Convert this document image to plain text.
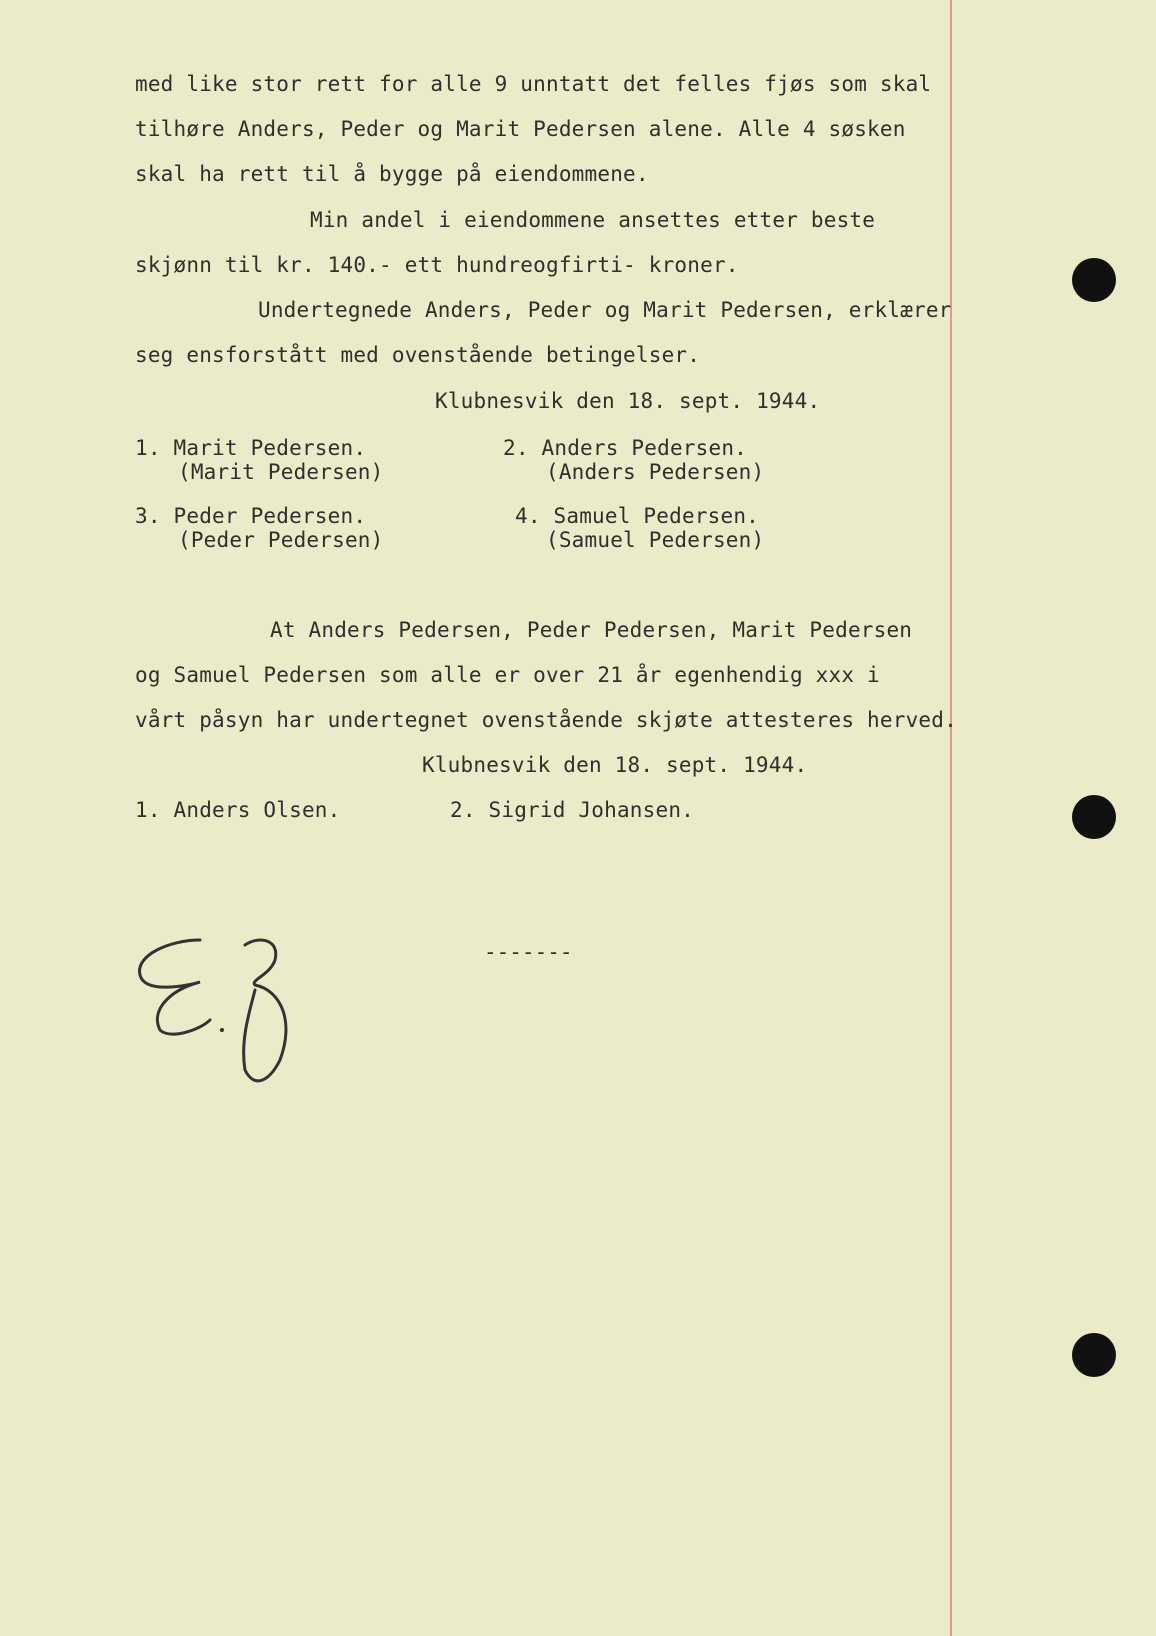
med like stor rett for alle 9 unntatt det felles fjøs som skal
tilhøre Anders, Peder og Marit Pedersen alene. Alle 4 søsken
skal ha rett til å bygge på eiendommene.
Min andel i eiendommene ansettes etter beste
skjønn til kr. 140.- ett hundreogfirti- kroner.
Undertegnede Anders, Peder og Marit Pedersen, erklærer
seg ensforstått med ovenstående betingelser.
Klubnesvik den 18. sept. 1944.
1. Marit Pedersen.
(Marit Pedersen)
2. Anders Pedersen.
(Anders Pedersen)
3. Peder Pedersen.
(Peder Pedersen)
4. Samuel Pedersen.
(Samuel Pedersen)
At Anders Pedersen, Peder Pedersen, Marit Pedersen
og Samuel Pedersen som alle er over 21 år egenhendig xxx i
vårt påsyn har undertegnet ovenstående skjøte attesteres herved.
Klubnesvik den 18. sept. 1944.
1. Anders Olsen.	2. Sigrid Johansen.
-------
